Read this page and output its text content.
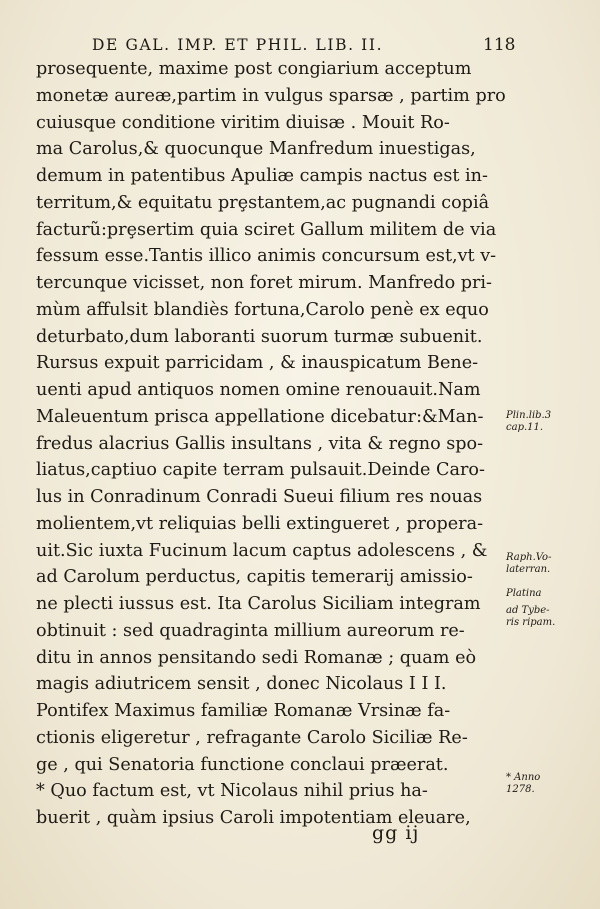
DE GAL. IMP. ET PHIL. LIB. II.	118
prosequente, maxime post congiarium acceptum
monetæ aureæ,partim in vulgus sparsæ , partim pro
cuiusque conditione viritim diuisæ . Mouit Ro-
ma Carolus,& quocunque Manfredum inuestigas,
demum in patentibus Apuliæ campis nactus est in-
territum,& equitatu prȩstantem,ac pugnandi copiâ
facturũ:prȩsertim quia sciret Gallum militem de via
fessum esse.Tantis illico animis concursum est,vt v-
tercunque vicisset, non foret mirum. Manfredo pri-
mùm affulsit blandiès fortuna,Carolo penè ex equo
deturbato,dum laboranti suorum turmæ subuenit.
Rursus expuit parricidam , & inauspicatum Bene-
uenti apud antiquos nomen omine renouauit.Nam
Maleuentum prisca appellatione dicebatur:&Man-
fredus alacrius Gallis insultans , vita & regno spo-
liatus,captiuo capite terram pulsauit.Deinde Caro-
lus in Conradinum Conradi Sueui filium res nouas
molientem,vt reliquias belli extingueret , propera-
uit.Sic iuxta Fucinum lacum captus adolescens , &
ad Carolum perductus, capitis temerarij amissio-
ne plecti iussus est. Ita Carolus Siciliam integram
obtinuit : sed quadraginta millium aureorum re-
ditu in annos pensitando sedi Romanæ ; quam eò
magis adiutricem sensit , donec Nicolaus I I I.
Pontifex Maximus familiæ Romanæ Vrsinæ fa-
ctionis eligeretur , refragante Carolo Siciliæ Re-
ge , qui Senatoria functione conclaui præerat.
* Quo factum est, vt Nicolaus nihil prius ha-
buerit , quàm ipsius Caroli impotentiam eleuare,
Plin.lib.3
cap.11.
Raph.Vo-
laterran.
Platina
ad Tybe-
ris ripam.
* Anno
1278.
gg ij
